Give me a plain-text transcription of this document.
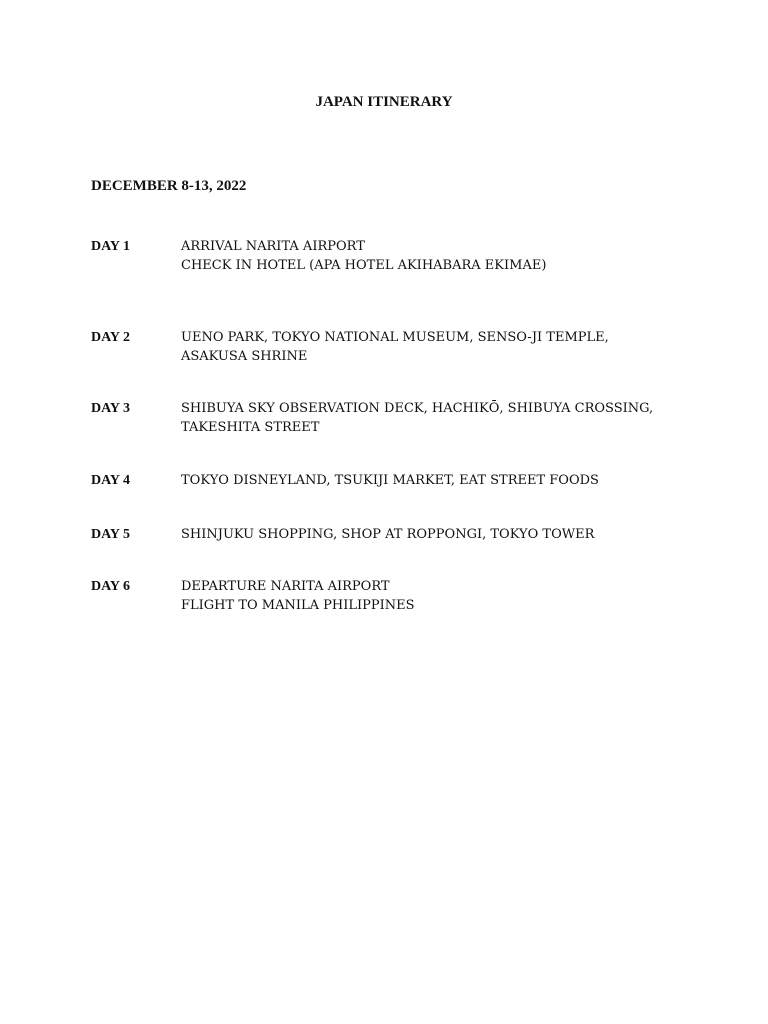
JAPAN ITINERARY
DECEMBER 8-13, 2022
DAY 1	ARRIVAL NARITA AIRPORT
CHECK IN HOTEL (APA HOTEL AKIHABARA EKIMAE)
DAY 2	UENO PARK, TOKYO NATIONAL MUSEUM, SENSO-JI TEMPLE,
ASAKUSA SHRINE
DAY 3	SHIBUYA SKY OBSERVATION DECK, HACHIKŌ, SHIBUYA CROSSING,
TAKESHITA STREET
DAY 4	TOKYO DISNEYLAND, TSUKIJI MARKET, EAT STREET FOODS
DAY 5	SHINJUKU SHOPPING, SHOP AT ROPPONGI, TOKYO TOWER
DAY 6	DEPARTURE NARITA AIRPORT
FLIGHT TO MANILA PHILIPPINES
